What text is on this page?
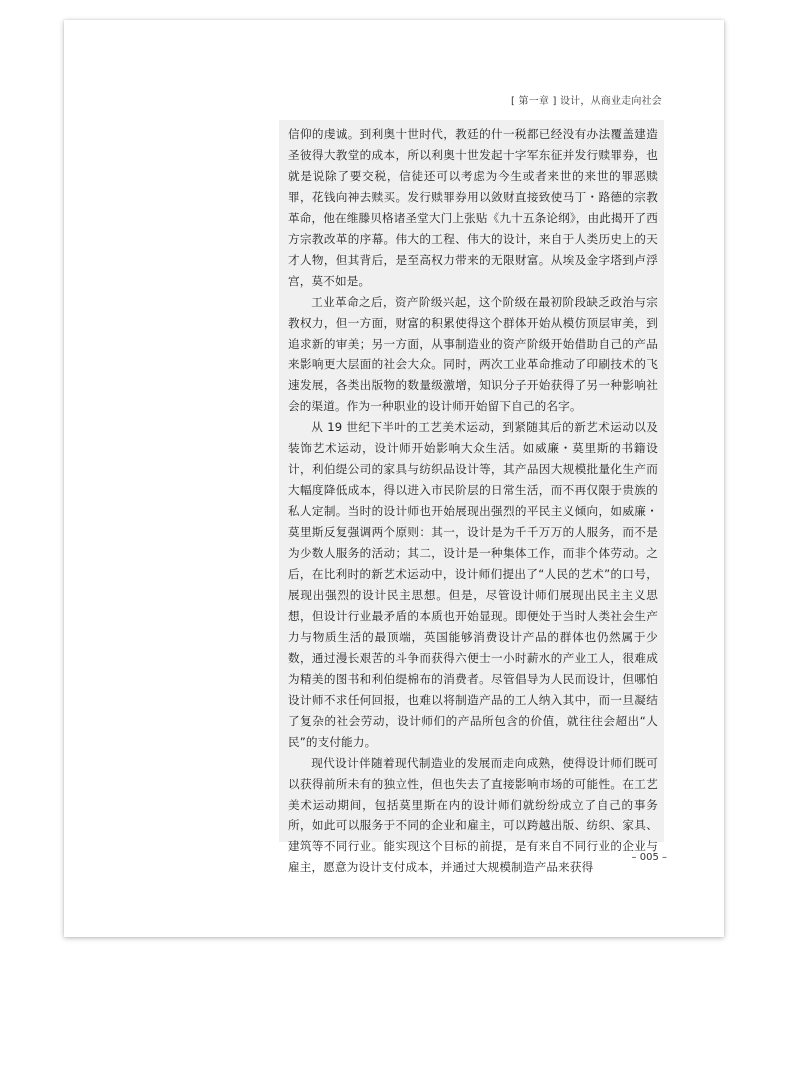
[ 第一章 ] 设计，从商业走向社会

信仰的虔诚。到利奥十世时代，教廷的什一税都已经没有办法覆盖建造圣彼得大教堂的成本，所以利奥十世发起十字军东征并发行赎罪券，也就是说除了要交税，信徒还可以考虑为今生或者来世的来世的罪恶赎罪，花钱向神去赎买。发行赎罪券用以敛财直接致使马丁・路德的宗教革命，他在维滕贝格诸圣堂大门上张贴《九十五条论纲》，由此揭开了西方宗教改革的序幕。伟大的工程、伟大的设计，来自于人类历史上的天才人物，但其背后，是至高权力带来的无限财富。从埃及金字塔到卢浮宫，莫不如是。

工业革命之后，资产阶级兴起，这个阶级在最初阶段缺乏政治与宗教权力，但一方面，财富的积累使得这个群体开始从模仿顶层审美，到追求新的审美；另一方面，从事制造业的资产阶级开始借助自己的产品来影响更大层面的社会大众。同时，两次工业革命推动了印刷技术的飞速发展，各类出版物的数量级激增，知识分子开始获得了另一种影响社会的渠道。作为一种职业的设计师开始留下自己的名字。

从 19 世纪下半叶的工艺美术运动，到紧随其后的新艺术运动以及装饰艺术运动，设计师开始影响大众生活。如威廉・莫里斯的书籍设计，利伯缇公司的家具与纺织品设计等，其产品因大规模批量化生产而大幅度降低成本，得以进入市民阶层的日常生活，而不再仅限于贵族的私人定制。当时的设计师也开始展现出强烈的平民主义倾向，如威廉・莫里斯反复强调两个原则：其一，设计是为千千万万的人服务，而不是为少数人服务的活动；其二，设计是一种集体工作，而非个体劳动。之后，在比利时的新艺术运动中，设计师们提出了“人民的艺术”的口号，展现出强烈的设计民主思想。但是，尽管设计师们展现出民主主义思想，但设计行业最矛盾的本质也开始显现。即便处于当时人类社会生产力与物质生活的最顶端，英国能够消费设计产品的群体也仍然属于少数，通过漫长艰苦的斗争而获得六便士一小时薪水的产业工人，很难成为精美的图书和利伯缇棉布的消费者。尽管倡导为人民而设计，但哪怕设计师不求任何回报，也难以将制造产品的工人纳入其中，而一旦凝结了复杂的社会劳动，设计师们的产品所包含的价值，就往往会超出“人民”的支付能力。

现代设计伴随着现代制造业的发展而走向成熟，使得设计师们既可以获得前所未有的独立性，但也失去了直接影响市场的可能性。在工艺美术运动期间，包括莫里斯在内的设计师们就纷纷成立了自己的事务所，如此可以服务于不同的企业和雇主，可以跨越出版、纺织、家具、建筑等不同行业。能实现这个目标的前提，是有来自不同行业的企业与雇主，愿意为设计支付成本，并通过大规模制造产品来获得

– 005 –
